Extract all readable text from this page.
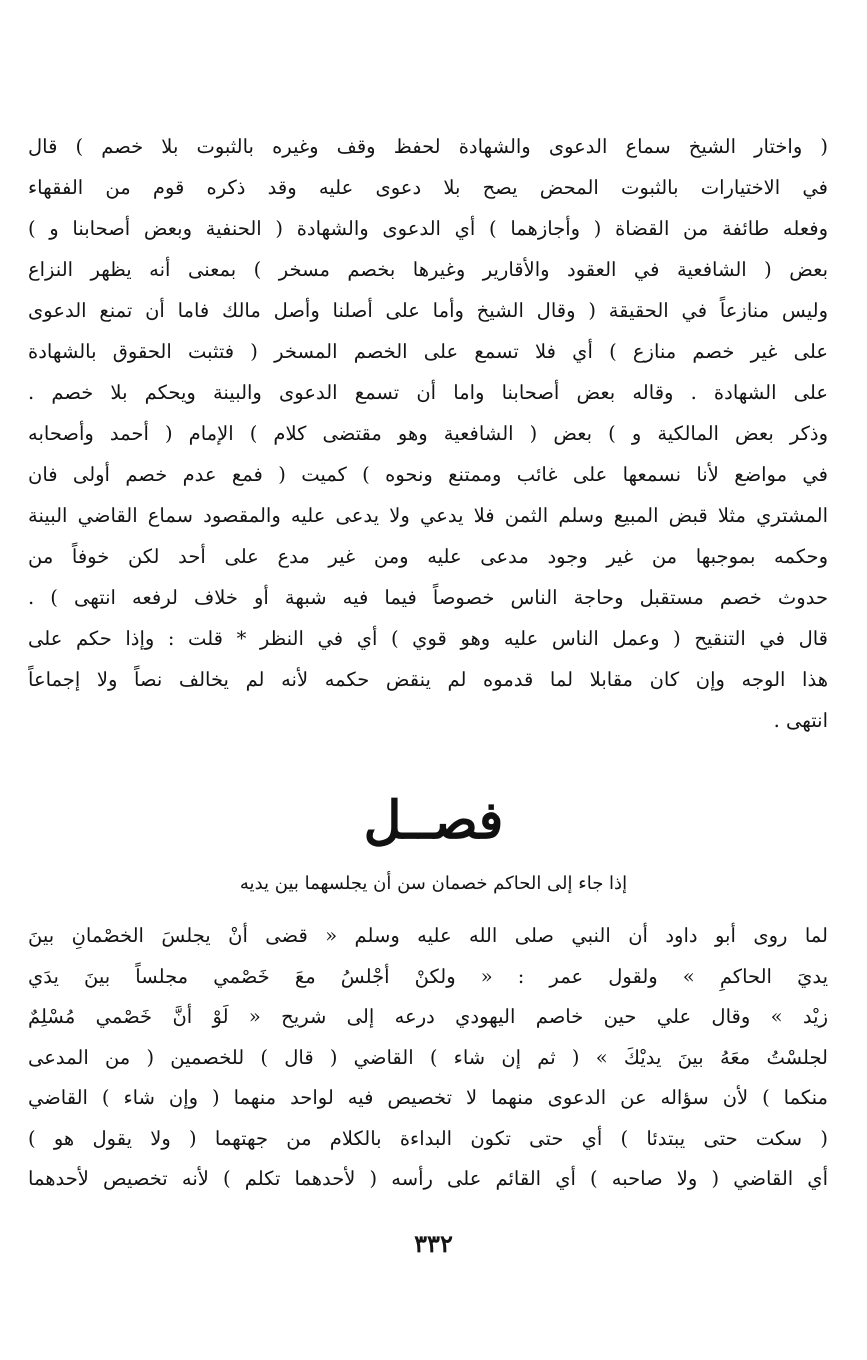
( واختار الشيخ سماع الدعوى والشهادة لحفظ وقف وغيره بالثبوت بلا خصم ) قال
في الاختيارات بالثبوت المحض يصح بلا دعوى عليه وقد ذكره قوم من الفقهاء
وفعله طائفة من القضاة ( وأجازهما ) أي الدعوى والشهادة ( الحنفية وبعض أصحابنا و )
بعض ( الشافعية في العقود والأقارير وغيرها بخصم مسخر ) بمعنى أنه يظهر النزاع
وليس منازعاً في الحقيقة ( وقال الشيخ وأما على أصلنا وأصل مالك فاما أن تمنع الدعوى
على غير خصم منازع ) أي فلا تسمع على الخصم المسخر ( فتثبت الحقوق بالشهادة
على الشهادة . وقاله بعض أصحابنا واما أن تسمع الدعوى والبينة ويحكم بلا خصم .
وذكر بعض المالكية و ) بعض ( الشافعية وهو مقتضى كلام ) الإمام ( أحمد وأصحابه
في مواضع لأنا نسمعها على غائب وممتنع ونحوه ) كميت ( فمع عدم خصم أولى فان
المشتري مثلا قبض المبيع وسلم الثمن فلا يدعي ولا يدعى عليه والمقصود سماع القاضي البينة
وحكمه بموجبها من غير وجود مدعى عليه ومن غير مدع على أحد لكن خوفاً من
حدوث خصم مستقبل وحاجة الناس خصوصاً فيما فيه شبهة أو خلاف لرفعه انتهى ) .
قال في التنقيح ( وعمل الناس عليه وهو قوي ) أي في النظر * قلت : وإذا حكم على
هذا الوجه وإن كان مقابلا لما قدموه لم ينقض حكمه لأنه لم يخالف نصاً ولا إجماعاً
انتهى .
فصــل

إذا جاء إلى الحاكم خصمان سن أن يجلسهما بين يديه

لما روى أبو داود أن النبي صلى الله عليه وسلم « قضى أنْ يجلسَ الخصْمانِ بينَ
يديَ الحاكمِ » ولقول عمر : « ولكنْ أجْلسُ معَ خَصْمي مجلساً بينَ يدَي
زيْد » وقال علي حين خاصم اليهودي درعه إلى شريح « لَوْ أنَّ خَصْمي مُسْلِمٌ
لجلسْتُ معَهُ بينَ يديْكَ » ( ثم إن شاء ) القاضي ( قال ) للخصمين ( من المدعى
منكما ) لأن سؤاله عن الدعوى منهما لا تخصيص فيه لواحد منهما ( وإن شاء ) القاضي
( سكت حتى يبتدئا ) أي حتى تكون البداءة بالكلام من جهتهما ( ولا يقول هو )
أي القاضي ( ولا صاحبه ) أي القائم على رأسه ( لأحدهما تكلم ) لأنه تخصيص لأحدهما
٣٣٢
